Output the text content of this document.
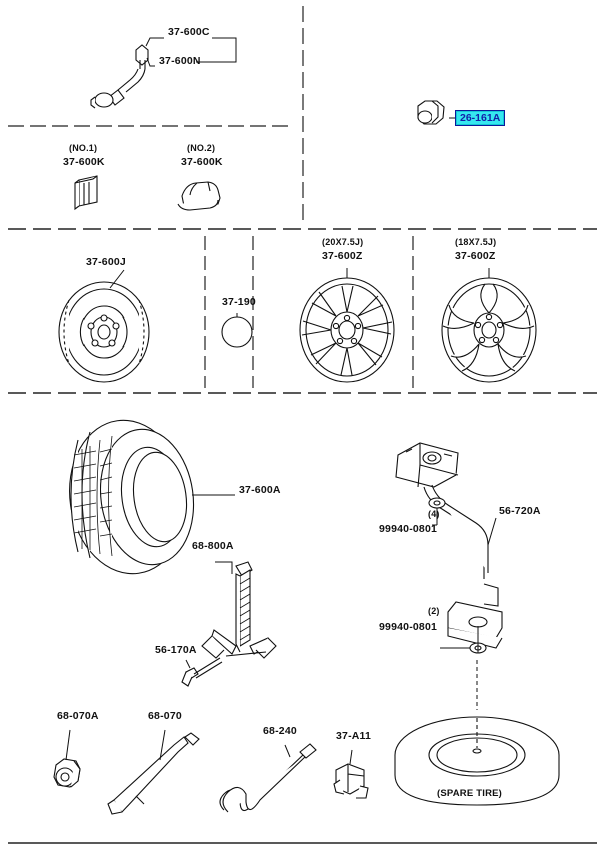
37-600C
37-600N
26-161A
(NO.1)
37-600K
(NO.2)
37-600K
37-600J
37-190
(20X7.5J)
37-600Z
(18X7.5J)
37-600Z
37-600A
56-720A
(4)
99940-0801
68-800A
(2)
99940-0801
56-170A
68-070A	68-070
68-240	37-A11
(SPARE TIRE)
